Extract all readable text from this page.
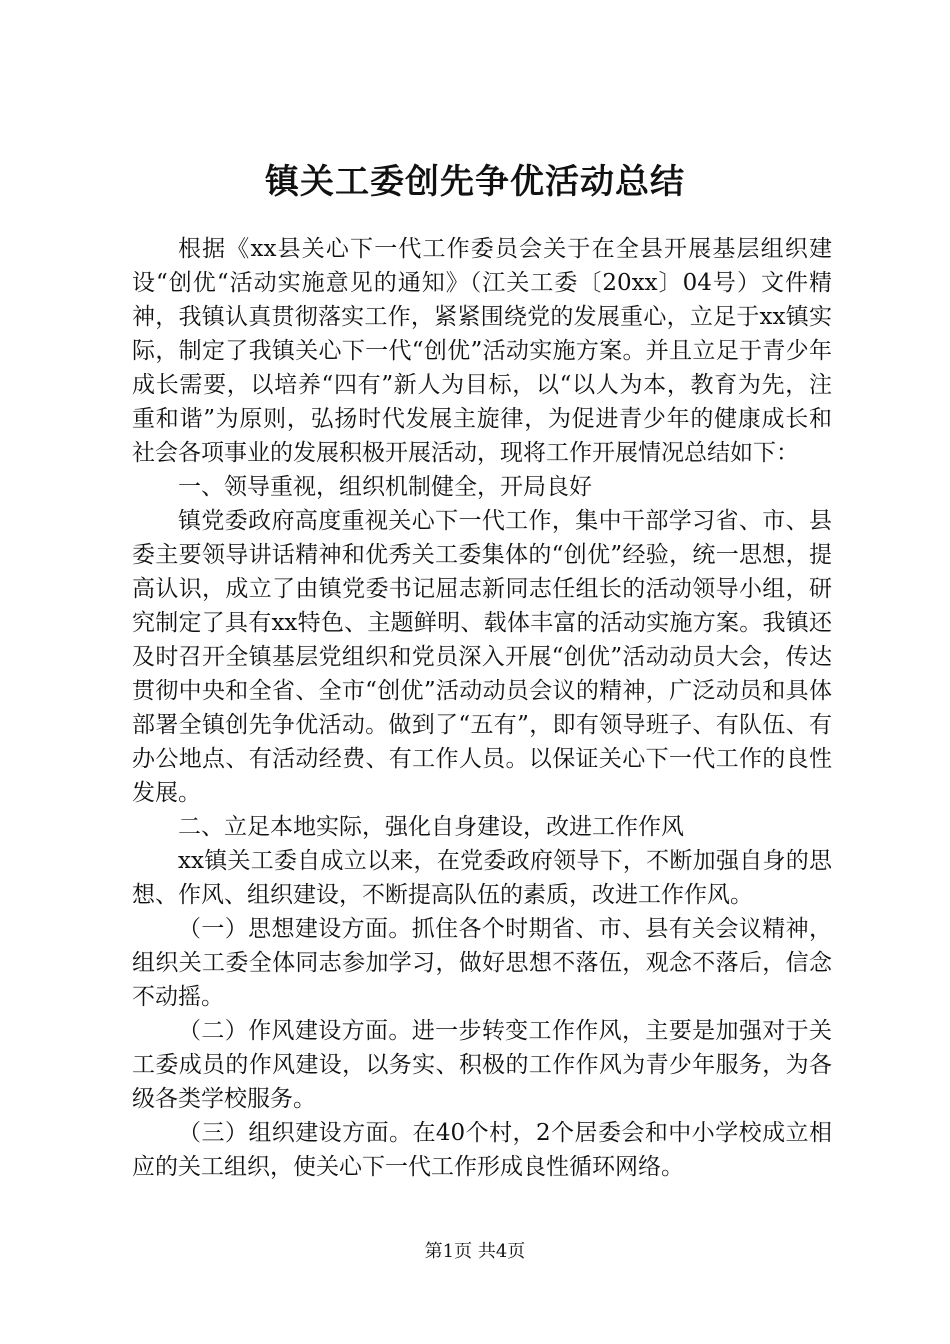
镇关工委创先争优活动总结

根据《xx县关心下一代工作委员会关于在全县开展基层组织建设“创优“活动实施意见的通知》（江关工委〔20xx〕04号）文件精神，我镇认真贯彻落实工作，紧紧围绕党的发展重心，立足于xx镇实际，制定了我镇关心下一代“创优”活动实施方案。并且立足于青少年成长需要，以培养“四有”新人为目标，以“以人为本，教育为先，注重和谐”为原则，弘扬时代发展主旋律，为促进青少年的健康成长和社会各项事业的发展积极开展活动，现将工作开展情况总结如下：

一、领导重视，组织机制健全，开局良好

镇党委政府高度重视关心下一代工作，集中干部学习省、市、县委主要领导讲话精神和优秀关工委集体的“创优”经验，统一思想，提高认识，成立了由镇党委书记屈志新同志任组长的活动领导小组，研究制定了具有xx特色、主题鲜明、载体丰富的活动实施方案。我镇还及时召开全镇基层党组织和党员深入开展“创优”活动动员大会，传达贯彻中央和全省、全市“创优”活动动员会议的精神，广泛动员和具体部署全镇创先争优活动。做到了“五有”，即有领导班子、有队伍、有办公地点、有活动经费、有工作人员。以保证关心下一代工作的良性发展。

二、立足本地实际，强化自身建设，改进工作作风

xx镇关工委自成立以来，在党委政府领导下，不断加强自身的思想、作风、组织建设，不断提高队伍的素质，改进工作作风。

（一）思想建设方面。抓住各个时期省、市、县有关会议精神，组织关工委全体同志参加学习，做好思想不落伍，观念不落后，信念不动摇。

（二）作风建设方面。进一步转变工作作风，主要是加强对于关工委成员的作风建设，以务实、积极的工作作风为青少年服务，为各级各类学校服务。

（三）组织建设方面。在40个村，2个居委会和中小学校成立相应的关工组织，使关心下一代工作形成良性循环网络。

第1页 共4页
